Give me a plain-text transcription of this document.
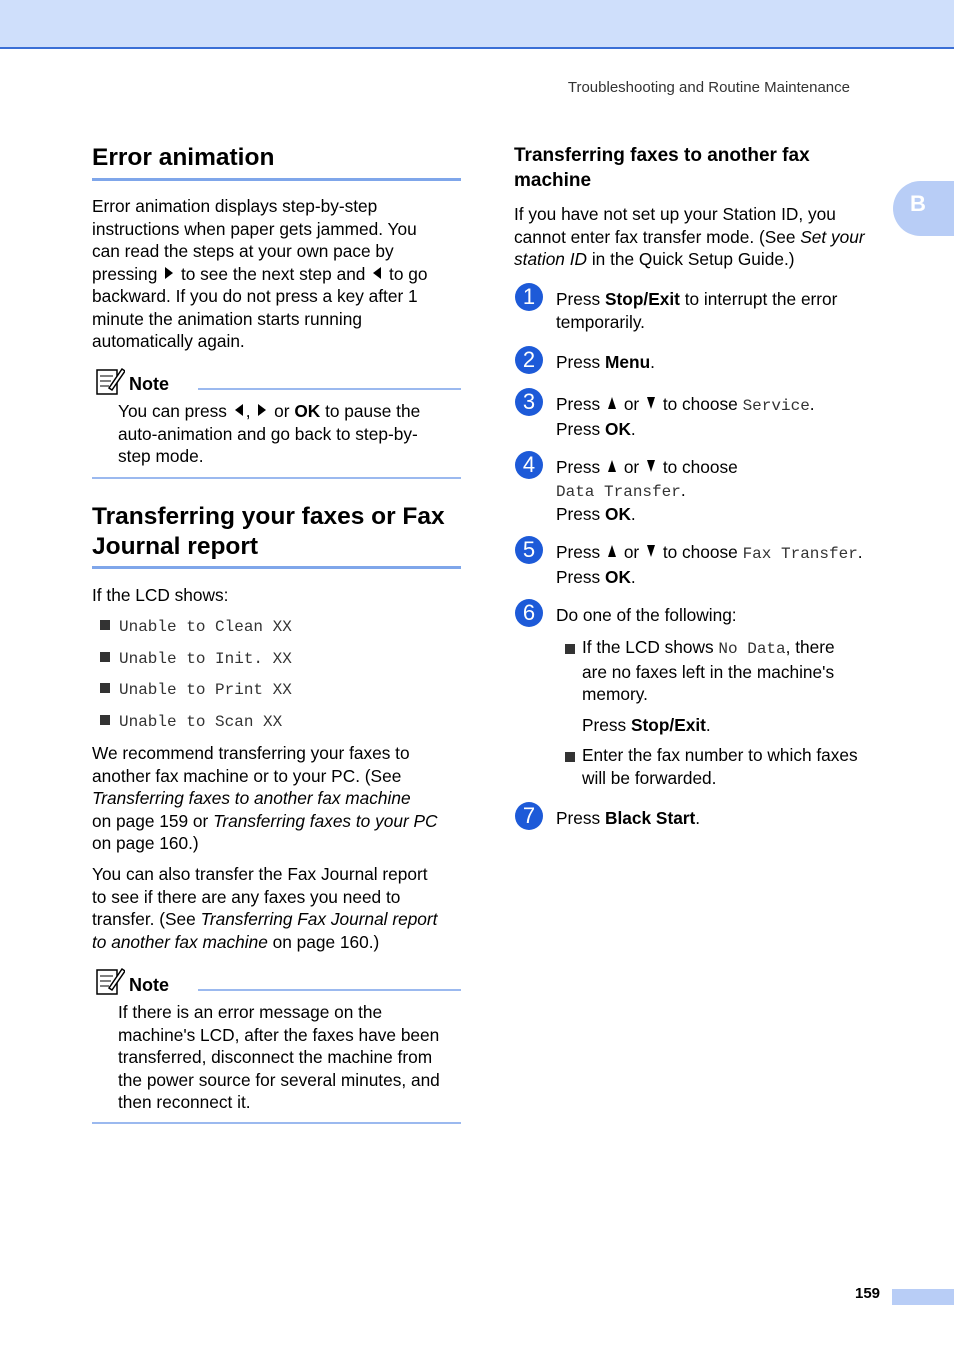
Troubleshooting and Routine Maintenance
B
Error animation
Error animation displays step-by-step
instructions when paper gets jammed. You
can read the steps at your own pace by
pressing to see the next step and to go
backward. If you do not press a key after 1
minute the animation starts running
automatically again.
Note
You can press , or OK to pause the
auto-animation and go back to step-by-
step mode.
Transferring your faxes or Fax
Journal report
If the LCD shows:
Unable to Clean XX
Unable to Init. XX
Unable to Print XX
Unable to Scan XX
We recommend transferring your faxes to
another fax machine or to your PC. (See
Transferring faxes to another fax machine
on page 159 or Transferring faxes to your PC
on page 160.)
You can also transfer the Fax Journal report
to see if there are any faxes you need to
transfer. (See Transferring Fax Journal report
to another fax machine on page 160.)
Note
If there is an error message on the
machine's LCD, after the faxes have been
transferred, disconnect the machine from
the power source for several minutes, and
then reconnect it.
Transferring faxes to another fax
machine
If you have not set up your Station ID, you
cannot enter fax transfer mode. (See Set your
station ID in the Quick Setup Guide.)
1	Press Stop/Exit to interrupt the error
temporarily.
2	Press Menu.
3	Press or to choose Service.
Press OK.
4	Press or to choose
Data Transfer.
Press OK.
5	Press or to choose Fax Transfer.
Press OK.
6	Do one of the following:
If the LCD shows No Data, there
are no faxes left in the machine's
memory.
Press Stop/Exit.
Enter the fax number to which faxes
will be forwarded.
7	Press Black Start.
159
